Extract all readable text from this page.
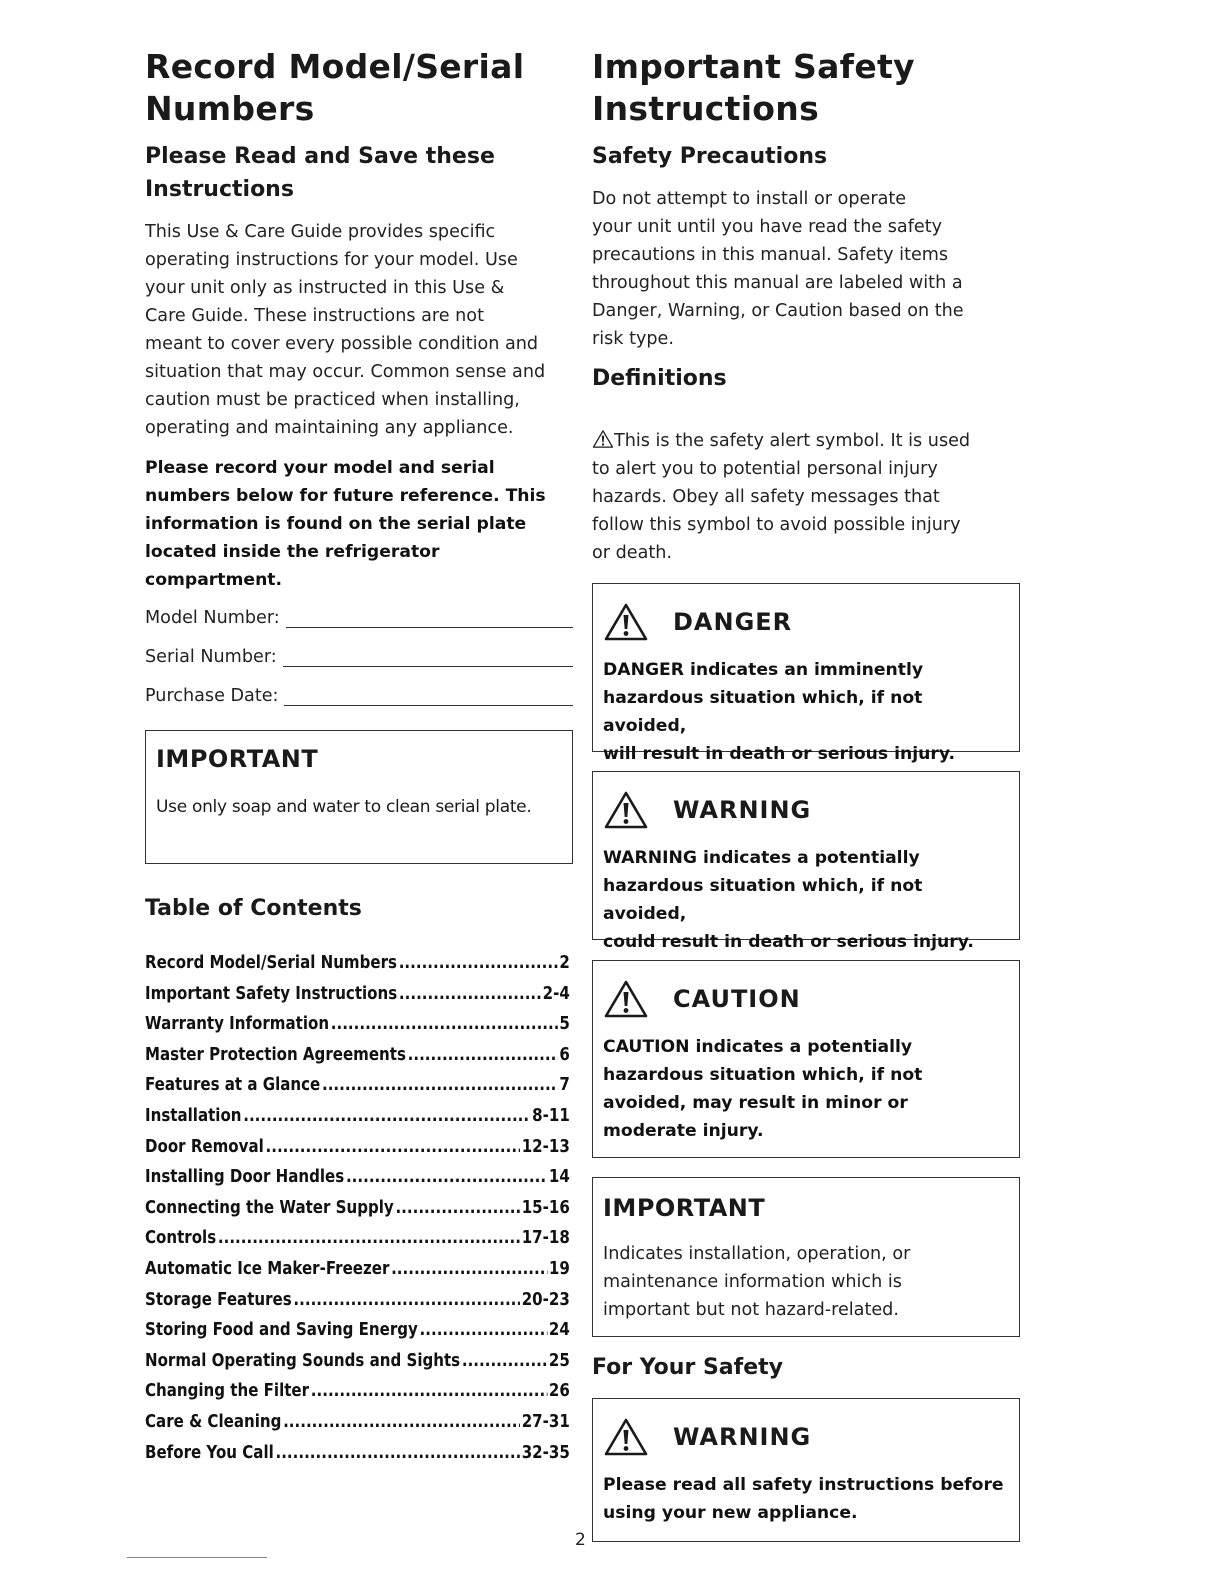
Record Model/Serial
Numbers
Please Read and Save these
Instructions

This Use & Care Guide provides specific
operating instructions for your model. Use
your unit only as instructed in this Use &
Care Guide. These instructions are not
meant to cover every possible condition and
situation that may occur. Common sense and
caution must be practiced when installing,
operating and maintaining any appliance.

Please record your model and serial
numbers below for future reference. This
information is found on the serial plate
located inside the refrigerator compartment.

Model Number:
Serial Number:
Purchase Date:
IMPORTANT
Use only soap and water to clean serial plate.
Table of Contents
Record Model/Serial Numbers .....	2
Important Safety Instructions .....	2-4
Warranty Information .....	5
Master Protection Agreements .....	6
Features at a Glance .....	7
Installation .....	8-11
Door Removal .....	12-13
Installing Door Handles .....	14
Connecting the Water Supply .....	15-16
Controls .....	17-18
Automatic Ice Maker-Freezer .....	19
Storage Features .....	20-23
Storing Food and Saving Energy .....	24
Normal Operating Sounds and Sights .....	25
Changing the Filter .....	26
Care & Cleaning .....	27-31
Before You Call .....	32-35
Important Safety
Instructions
Safety Precautions

Do not attempt to install or operate
your unit until you have read the safety
precautions in this manual. Safety items
throughout this manual are labeled with a
Danger, Warning, or Caution based on the
risk type.

Definitions

This is the safety alert symbol. It is used
to alert you to potential personal injury
hazards. Obey all safety messages that
follow this symbol to avoid possible injury
or death.

DANGER

DANGER indicates an imminently
hazardous situation which, if not avoided,
will result in death or serious injury.

WARNING

WARNING indicates a potentially
hazardous situation which, if not avoided,
could result in death or serious injury.

CAUTION

CAUTION indicates a potentially
hazardous situation which, if not
avoided, may result in minor or
moderate injury.

IMPORTANT

Indicates installation, operation, or
maintenance information which is
important but not hazard-related.

For Your Safety
WARNING

Please read all safety instructions before
using your new appliance.

2
